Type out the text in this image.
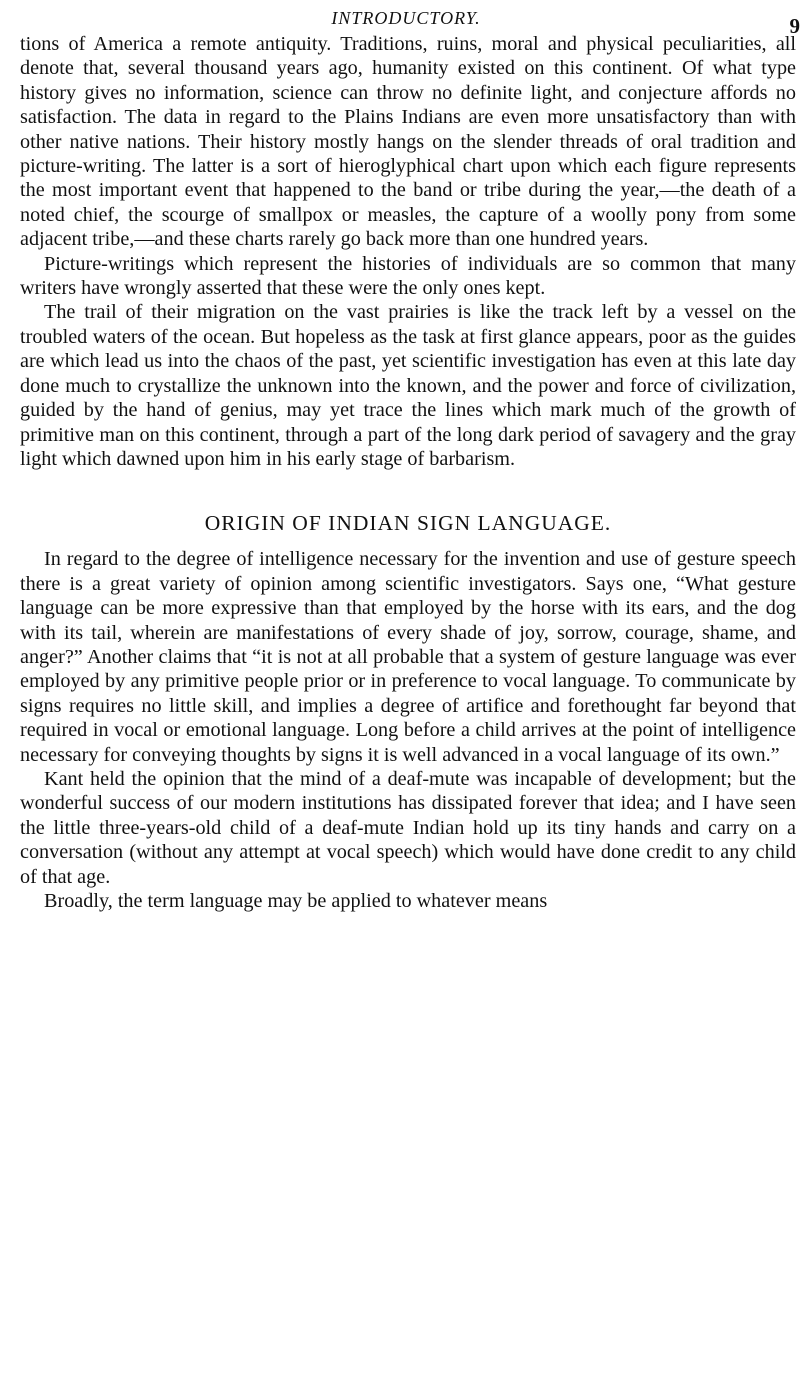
INTRODUCTORY.	9

tions of America a remote antiquity. Traditions, ruins, moral and physical peculiarities, all denote that, several thousand years ago, humanity existed on this continent. Of what type history gives no information, science can throw no definite light, and conjecture affords no satisfaction. The data in regard to the Plains Indians are even more unsatisfactory than with other native nations. Their history mostly hangs on the slender threads of oral tradition and picture-writing. The latter is a sort of hieroglyphical chart upon which each figure represents the most important event that happened to the band or tribe during the year,—the death of a noted chief, the scourge of smallpox or measles, the capture of a woolly pony from some adjacent tribe,—and these charts rarely go back more than one hundred years.

Picture-writings which represent the histories of individuals are so common that many writers have wrongly asserted that these were the only ones kept.

The trail of their migration on the vast prairies is like the track left by a vessel on the troubled waters of the ocean. But hopeless as the task at first glance appears, poor as the guides are which lead us into the chaos of the past, yet scientific investigation has even at this late day done much to crystallize the unknown into the known, and the power and force of civilization, guided by the hand of genius, may yet trace the lines which mark much of the growth of primitive man on this continent, through a part of the long dark period of savagery and the gray light which dawned upon him in his early stage of barbarism.

ORIGIN OF INDIAN SIGN LANGUAGE.

In regard to the degree of intelligence necessary for the invention and use of gesture speech there is a great variety of opinion among scientific investigators. Says one, “What gesture language can be more expressive than that employed by the horse with its ears, and the dog with its tail, wherein are manifestations of every shade of joy, sorrow, courage, shame, and anger?” Another claims that “it is not at all probable that a system of gesture language was ever employed by any primitive people prior or in preference to vocal language. To communicate by signs requires no little skill, and implies a degree of artifice and forethought far beyond that required in vocal or emotional language. Long before a child arrives at the point of intelligence necessary for conveying thoughts by signs it is well advanced in a vocal language of its own.”

Kant held the opinion that the mind of a deaf-mute was incapable of development; but the wonderful success of our modern institutions has dissipated forever that idea; and I have seen the little three-years-old child of a deaf-mute Indian hold up its tiny hands and carry on a conversation (without any attempt at vocal speech) which would have done credit to any child of that age.

Broadly, the term language may be applied to whatever means
